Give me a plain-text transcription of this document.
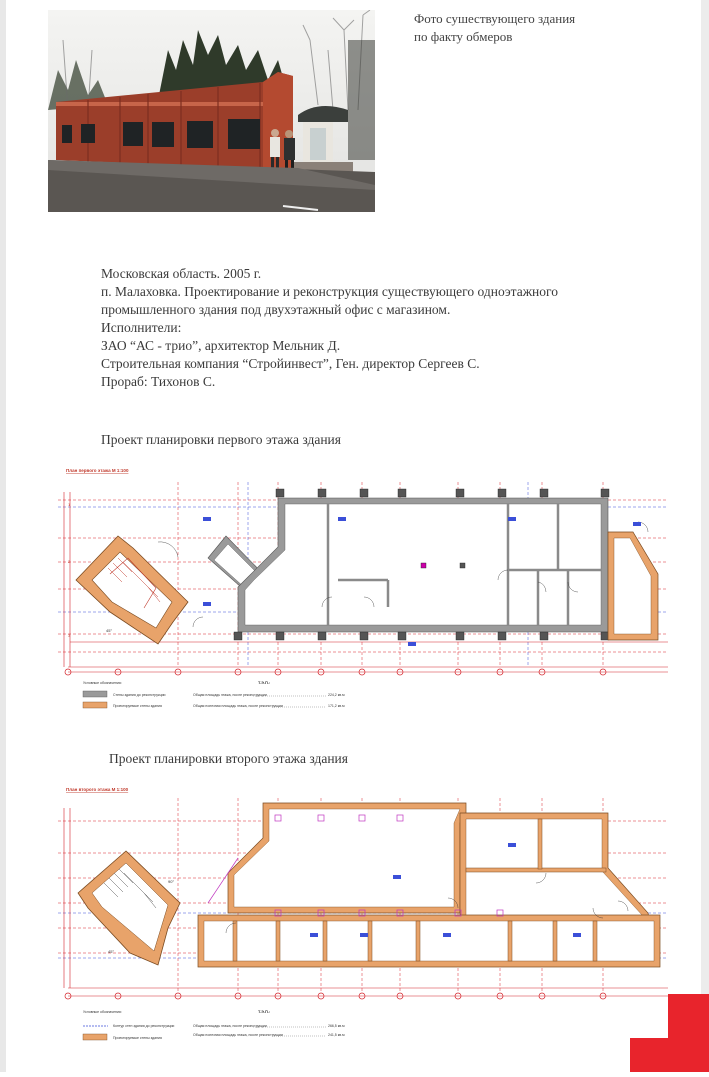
Фото сушествующего здания
по факту обмеров
Московская область. 2005 г.
п. Малаховка. Проектирование и реконструкция существующего одноэтажного
промышленного здания под двухэтажный офис с магазином.
Исполнители:
ЗАО “АС - трио”, архитектор Мельник Д.
Строительная компания “Стройинвест”, Ген. директор Сергеев С.
Прораб: Тихонов С.
Проект планировки первого этажа здания
План первого этажа М 1:100
1
2
3
45°
Условные обозначения:
Стены здания до реконструкции
Проектируемые стены здания
Т.Э.П.:
Общая площадь этажа, после реконструкции	224,2 кв.м
Общая полезная площадь этажа, после реконструкции	171,2 кв.м
Проект планировки второго этажа здания
План второго этажа М 1:100
90°
45°
Условные обозначения:
Контур стен здания до реконструкции
Проектируемые стены здания
Т.Э.П.:
Общая площадь этажа, после реконструкции	266,5 кв.м
Общая полезная площадь этажа, после реконструкции	241,5 кв.м
